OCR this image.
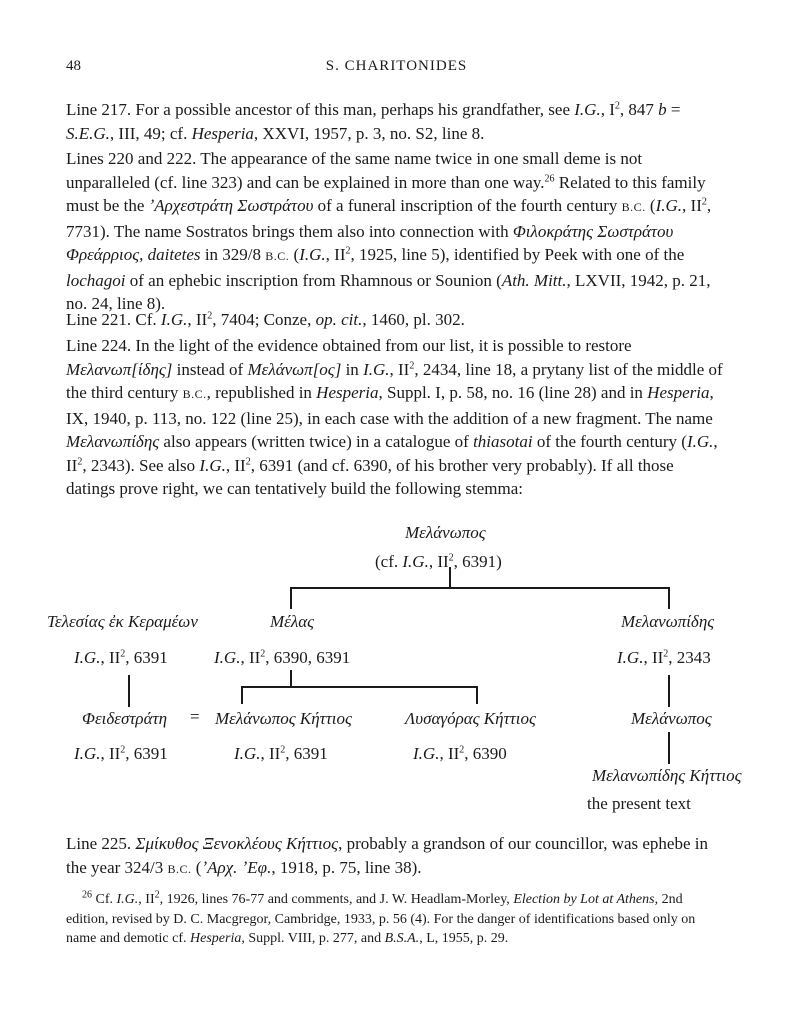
48	S. CHARITONIDES

Line 217. For a possible ancestor of this man, perhaps his grandfather, see I.G., $I^2$, 847 b = S.E.G., III, 49; cf. Hesperia, XXVI, 1957, p. 3, no. S2, line 8.

Lines 220 and 222. The appearance of the same name twice in one small deme is not unparalleled (cf. line 323) and can be explained in more than one way.$^{26}$ Related to this family must be the ʼΑρχεστράτη Σωστράτου of a funeral inscription of the fourth century B.C. (I.G., $II^2$, 7731). The name Sostratos brings them also into connection with Φιλοκράτης Σωστράτου Φρεάρριος, daitetes in 329/8 B.C. (I.G., $II^2$, 1925, line 5), identified by Peek with one of the lochagoi of an ephebic inscription from Rhamnous or Sounion (Ath. Mitt., LXVII, 1942, p. 21, no. 24, line 8).

Line 221. Cf. I.G., $II^2$, 7404; Conze, op. cit., 1460, pl. 302.

Line 224. In the light of the evidence obtained from our list, it is possible to restore Μελανωπ[ίδης] instead of Μελάνωπ[ος] in I.G., $II^2$, 2434, line 18, a prytany list of the middle of the third century B.C., republished in Hesperia, Suppl. I, p. 58, no. 16 (line 28) and in Hesperia, IX, 1940, p. 113, no. 122 (line 25), in each case with the addition of a new fragment. The name Μελανωπίδης also appears (written twice) in a catalogue of thiasotai of the fourth century (I.G., $II^2$, 2343). See also I.G., $II^2$, 6391 (and cf. 6390, of his brother very probably). If all those datings prove right, we can tentatively build the following stemma:

Μελάνωπος
(cf. I.G., $II^2$, 6391)
Τελεσίας ἐκ Κεραμέων	Μέλας	Μελανωπίδης
I.G., $II^2$, 6391	I.G., $II^2$, 6390, 6391	I.G., $II^2$, 2343
Φειδεστράτη = Μελάνωπος Κήττιος	Λυσαγόρας Κήττιος	Μελάνωπος
I.G., $II^2$, 6391	I.G., $II^2$, 6391	I.G., $II^2$, 6390
Μελανωπίδης Κήττιος
the present text

Line 225. Σμίκυθος Ξενοκλέους Κήττιος, probably a grandson of our councillor, was ephebe in the year 324/3 B.C. (ʼΑρχ. ʼΕφ., 1918, p. 75, line 38).

$^{26}$ Cf. I.G., $II^2$, 1926, lines 76-77 and comments, and J. W. Headlam-Morley, Election by Lot at Athens, 2nd edition, revised by D. C. Macgregor, Cambridge, 1933, p. 56 (4). For the danger of identifications based only on name and demotic cf. Hesperia, Suppl. VIII, p. 277, and B.S.A., L, 1955, p. 29.
